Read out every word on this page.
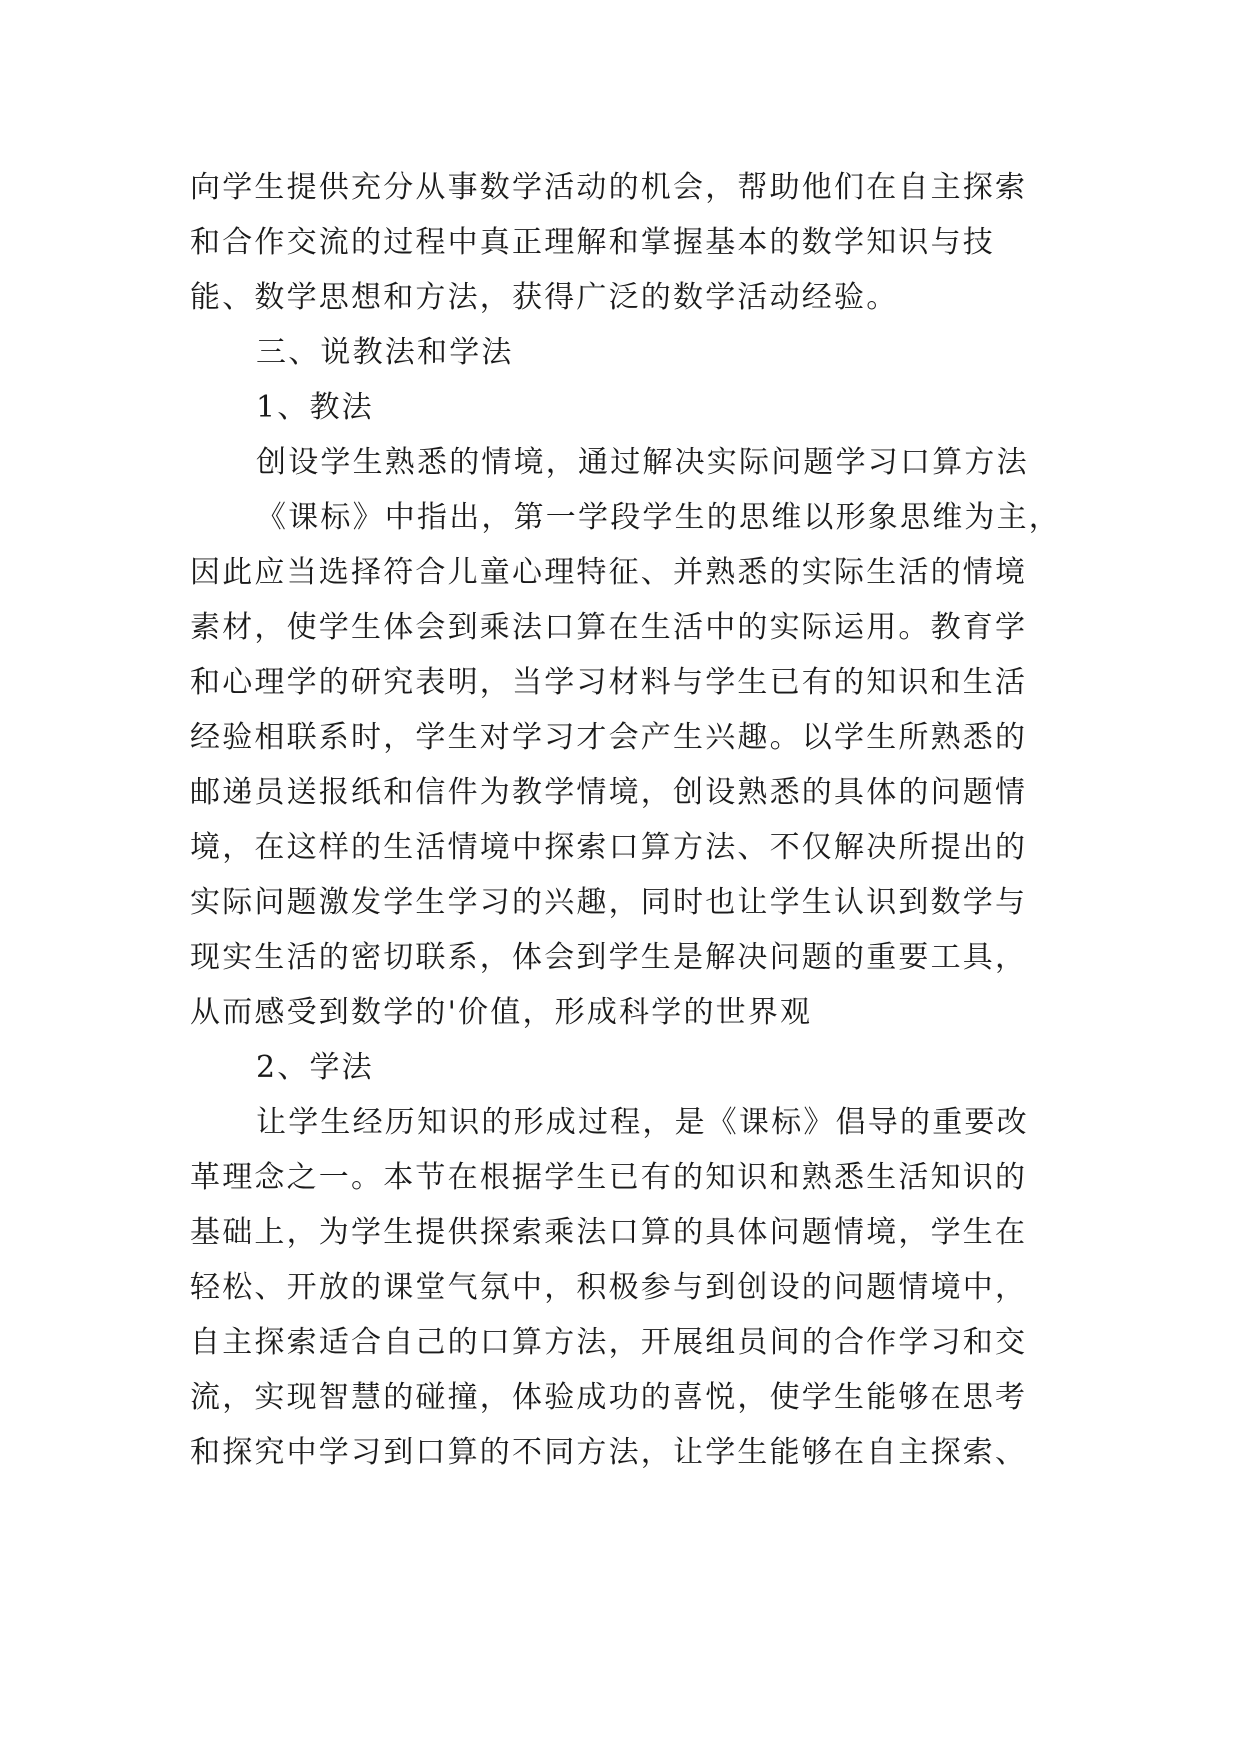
向学生提供充分从事数学活动的机会，帮助他们在自主探索
和合作交流的过程中真正理解和掌握基本的数学知识与技
能、数学思想和方法，获得广泛的数学活动经验。
三、说教法和学法
1、教法
创设学生熟悉的情境，通过解决实际问题学习口算方法
《课标》中指出，第一学段学生的思维以形象思维为主，
因此应当选择符合儿童心理特征、并熟悉的实际生活的情境
素材，使学生体会到乘法口算在生活中的实际运用。教育学
和心理学的研究表明，当学习材料与学生已有的知识和生活
经验相联系时，学生对学习才会产生兴趣。以学生所熟悉的
邮递员送报纸和信件为教学情境，创设熟悉的具体的问题情
境，在这样的生活情境中探索口算方法、不仅解决所提出的
实际问题激发学生学习的兴趣，同时也让学生认识到数学与
现实生活的密切联系，体会到学生是解决问题的重要工具，
从而感受到数学的'价值，形成科学的世界观
2、学法
让学生经历知识的形成过程，是《课标》倡导的重要改
革理念之一。本节在根据学生已有的知识和熟悉生活知识的
基础上，为学生提供探索乘法口算的具体问题情境，学生在
轻松、开放的课堂气氛中，积极参与到创设的问题情境中，
自主探索适合自己的口算方法，开展组员间的合作学习和交
流，实现智慧的碰撞，体验成功的喜悦，使学生能够在思考
和探究中学习到口算的不同方法，让学生能够在自主探索、
